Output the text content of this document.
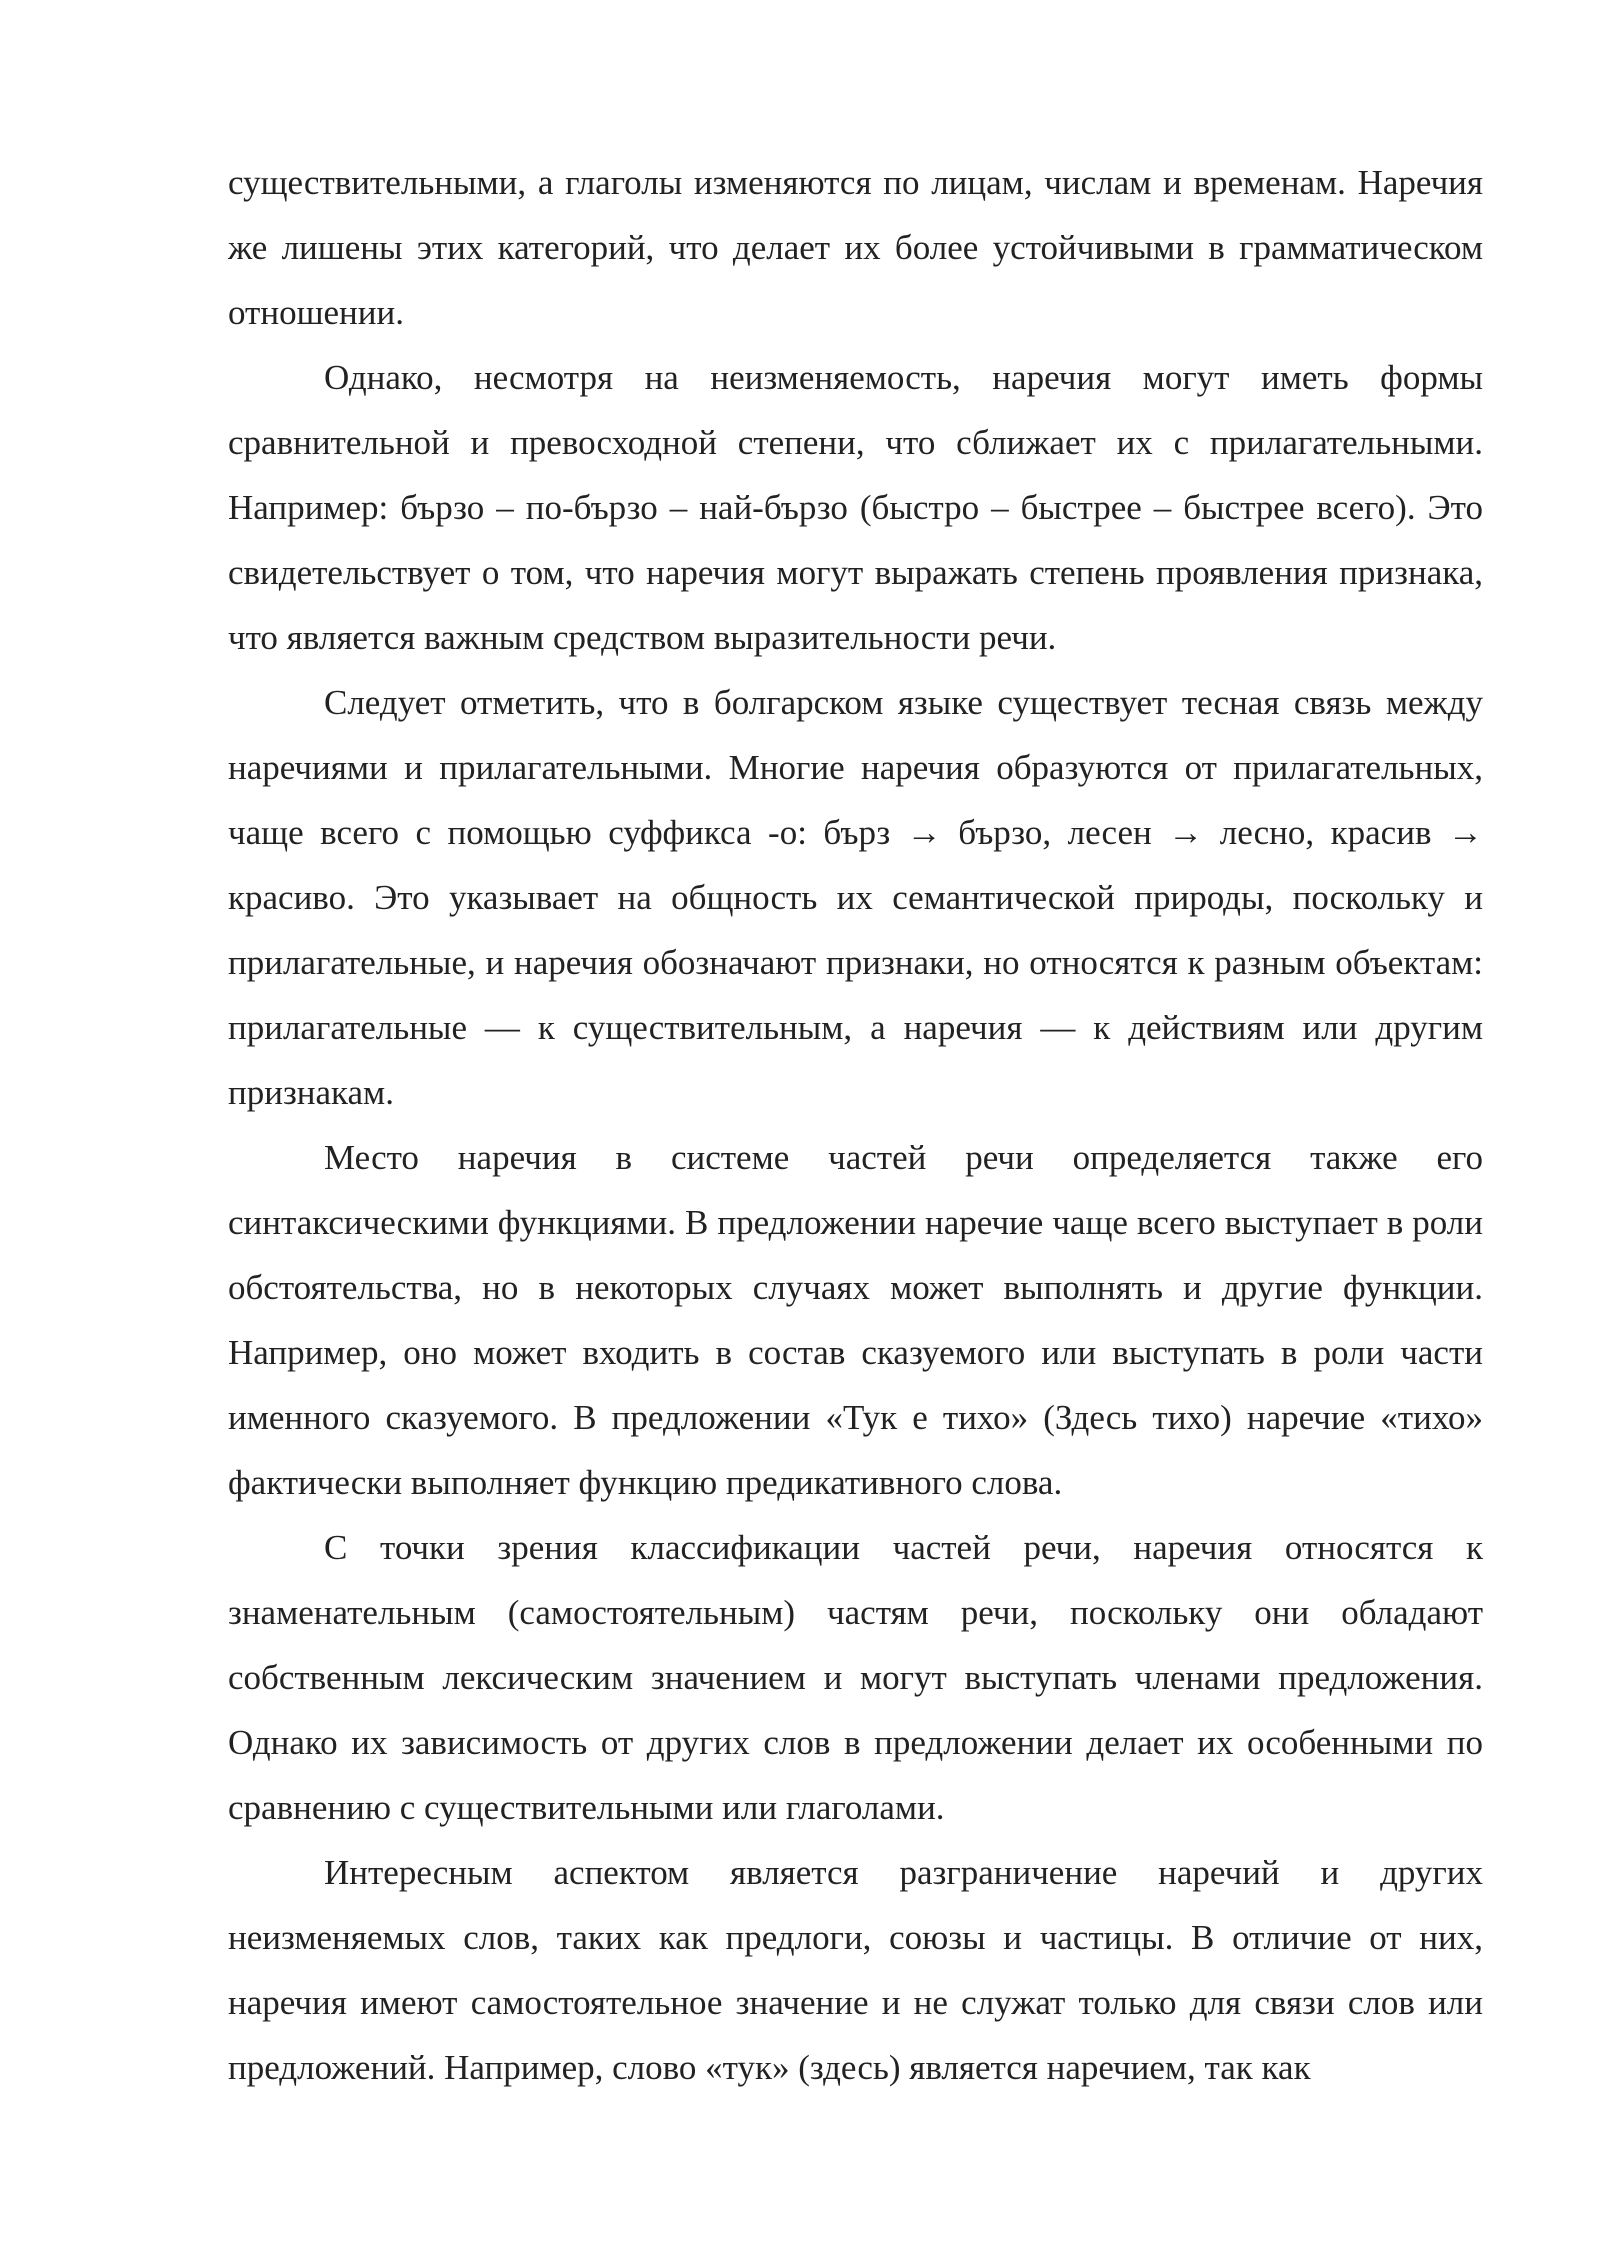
существительными, а глаголы изменяются по лицам, числам и временам. Наречия же лишены этих категорий, что делает их более устойчивыми в грамматическом отношении.

Однако, несмотря на неизменяемость, наречия могут иметь формы сравнительной и превосходной степени, что сближает их с прилагательными. Например: бързо – по-бързо – най-бързо (быстро – быстрее – быстрее всего). Это свидетельствует о том, что наречия могут выражать степень проявления признака, что является важным средством выразительности речи.

Следует отметить, что в болгарском языке существует тесная связь между наречиями и прилагательными. Многие наречия образуются от прилагательных, чаще всего с помощью суффикса -о: бърз → бързо, лесен → лесно, красив → красиво. Это указывает на общность их семантической природы, поскольку и прилагательные, и наречия обозначают признаки, но относятся к разным объектам: прилагательные — к существительным, а наречия — к действиям или другим признакам.

Место наречия в системе частей речи определяется также его синтаксическими функциями. В предложении наречие чаще всего выступает в роли обстоятельства, но в некоторых случаях может выполнять и другие функции. Например, оно может входить в состав сказуемого или выступать в роли части именного сказуемого. В предложении «Тук е тихо» (Здесь тихо) наречие «тихо» фактически выполняет функцию предикативного слова.

С точки зрения классификации частей речи, наречия относятся к знаменательным (самостоятельным) частям речи, поскольку они обладают собственным лексическим значением и могут выступать членами предложения. Однако их зависимость от других слов в предложении делает их особенными по сравнению с существительными или глаголами.

Интересным аспектом является разграничение наречий и других неизменяемых слов, таких как предлоги, союзы и частицы. В отличие от них, наречия имеют самостоятельное значение и не служат только для связи слов или предложений. Например, слово «тук» (здесь) является наречием, так как
